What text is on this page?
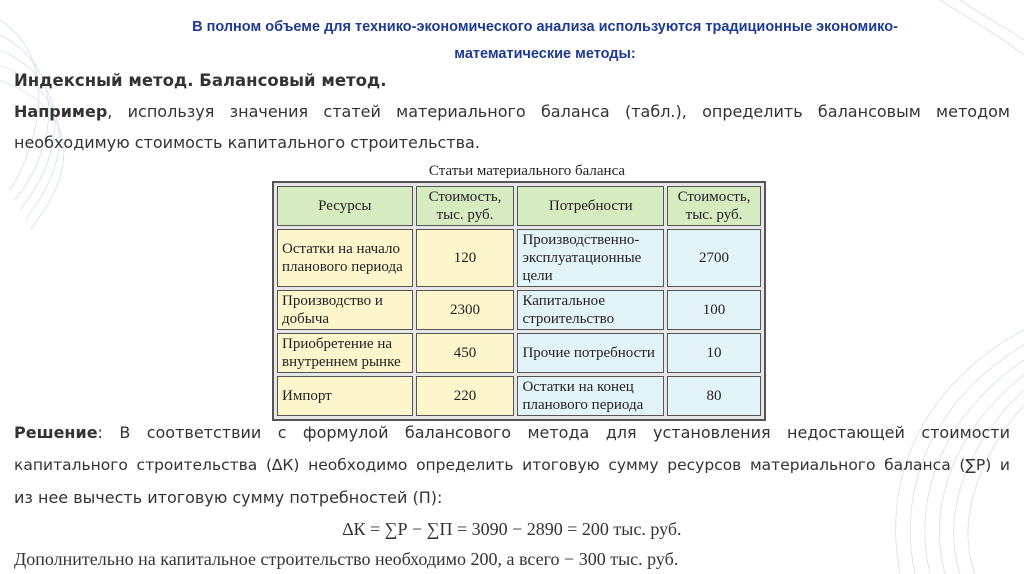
В полном объеме для технико-экономического анализа используются традиционные экономико-
математические методы:
Индексный метод. Балансовый метод.
Например, используя значения статей материального баланса (табл.), определить балансовым методом
необходимую стоимость капитального строительства.
Статьи материального баланса
Ресурсы	Стоимость, тыс. руб.	Потребности	Стоимость, тыс. руб.
Остатки на начало планового периода	120	Производственно-эксплуатационные цели	2700
Производство и добыча	2300	Капитальное строительство	100
Приобретение на внутреннем рынке	450	Прочие потребности	10
Импорт	220	Остатки на конец планового периода	80
Решение: В соответствии с формулой балансового метода для установления недостающей стоимости
капитального строительства (∆К) необходимо определить итоговую сумму ресурсов материального баланса (∑Р) и
из нее вычесть итоговую сумму потребностей (П):
∆К = ∑Р − ∑П = 3090 − 2890 = 200 тыс. руб.
Дополнительно на капитальное строительство необходимо 200, а всего − 300 тыс. руб.
